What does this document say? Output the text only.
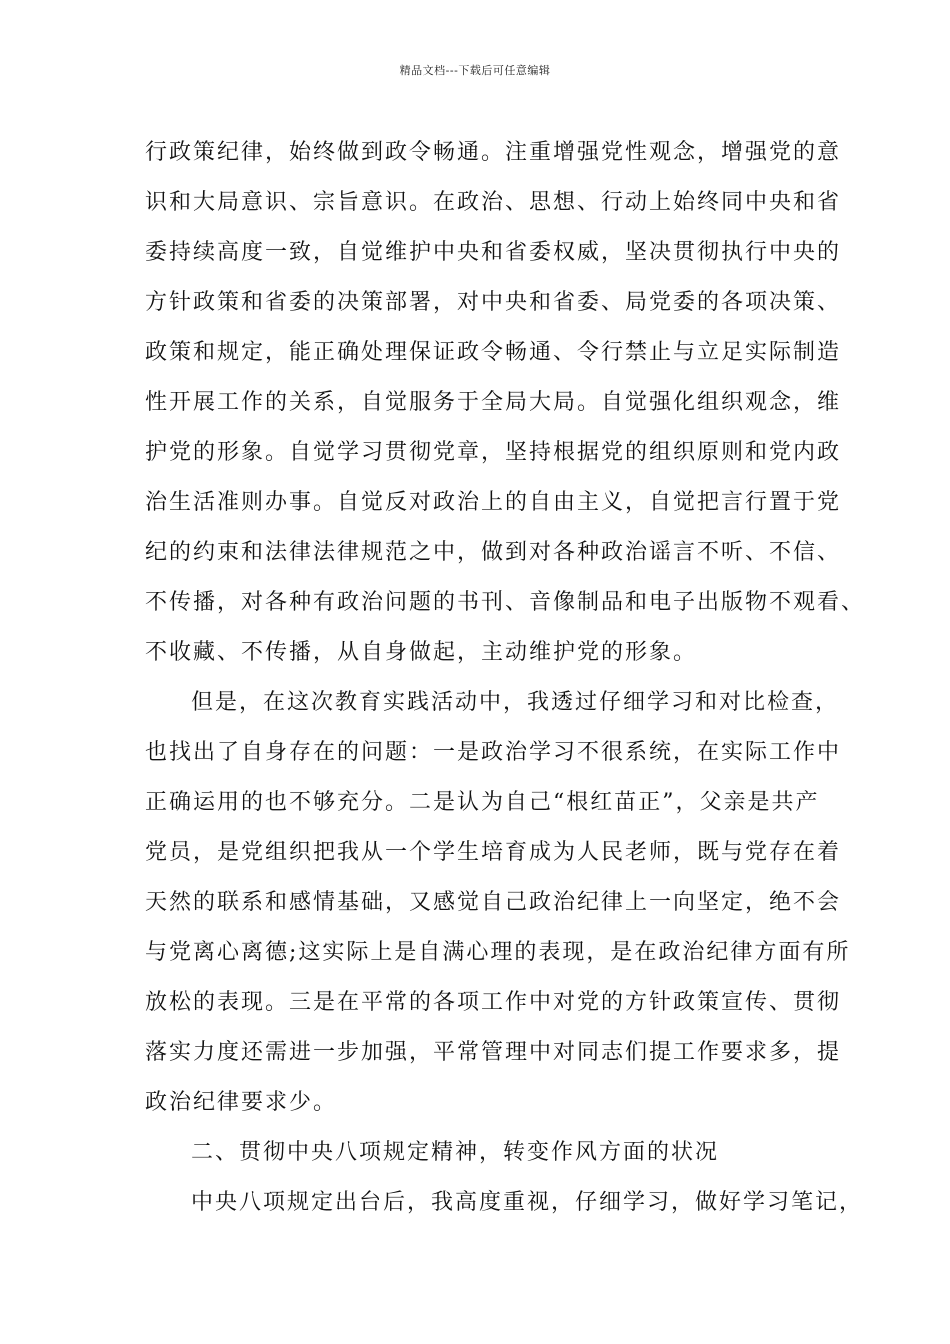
精品文档---下载后可任意编辑
行政策纪律，始终做到政令畅通。注重增强党性观念，增强党的意
识和大局意识、宗旨意识。在政治、思想、行动上始终同中央和省
委持续高度一致，自觉维护中央和省委权威，坚决贯彻执行中央的
方针政策和省委的决策部署，对中央和省委、局党委的各项决策、
政策和规定，能正确处理保证政令畅通、令行禁止与立足实际制造
性开展工作的关系，自觉服务于全局大局。自觉强化组织观念，维
护党的形象。自觉学习贯彻党章，坚持根据党的组织原则和党内政
治生活准则办事。自觉反对政治上的自由主义，自觉把言行置于党
纪的约束和法律法律规范之中，做到对各种政治谣言不听、不信、
不传播，对各种有政治问题的书刊、音像制品和电子出版物不观看、
不收藏、不传播，从自身做起，主动维护党的形象。
但是，在这次教育实践活动中，我透过仔细学习和对比检查，
也找出了自身存在的问题：一是政治学习不很系统，在实际工作中
正确运用的也不够充分。二是认为自己“根红苗正”，父亲是共产
党员，是党组织把我从一个学生培育成为人民老师，既与党存在着
天然的联系和感情基础，又感觉自己政治纪律上一向坚定，绝不会
与党离心离德;这实际上是自满心理的表现，是在政治纪律方面有所
放松的表现。三是在平常的各项工作中对党的方针政策宣传、贯彻
落实力度还需进一步加强，平常管理中对同志们提工作要求多，提
政治纪律要求少。
二、贯彻中央八项规定精神，转变作风方面的状况
中央八项规定出台后，我高度重视，仔细学习，做好学习笔记，
